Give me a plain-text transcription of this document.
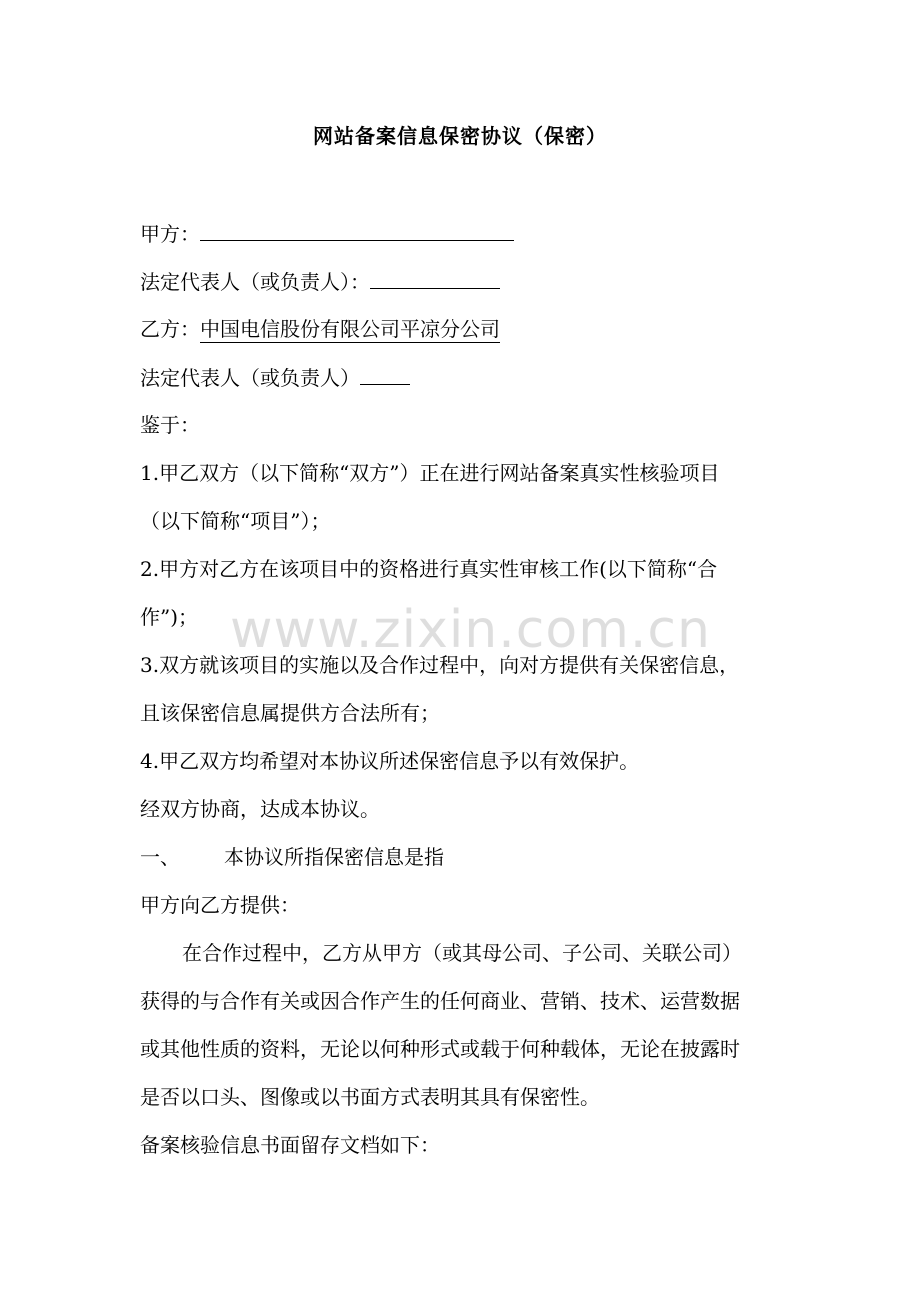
网站备案信息保密协议（保密）
甲方：
法定代表人（或负责人）：
乙方：中国电信股份有限公司平凉分公司
法定代表人（或负责人）
鉴于：
1.甲乙双方（以下简称“双方”）正在进行网站备案真实性核验项目
（以下简称“项目”）；
2.甲方对乙方在该项目中的资格进行真实性审核工作(以下简称“合
作”)；
3.双方就该项目的实施以及合作过程中，向对方提供有关保密信息，
且该保密信息属提供方合法所有；
4.甲乙双方均希望对本协议所述保密信息予以有效保护。
经双方协商，达成本协议。
一、 本协议所指保密信息是指
甲方向乙方提供：
在合作过程中，乙方从甲方（或其母公司、子公司、关联公司）
获得的与合作有关或因合作产生的任何商业、营销、技术、运营数据
或其他性质的资料，无论以何种形式或载于何种载体，无论在披露时
是否以口头、图像或以书面方式表明其具有保密性。
备案核验信息书面留存文档如下：
www.zixin.com.cn
